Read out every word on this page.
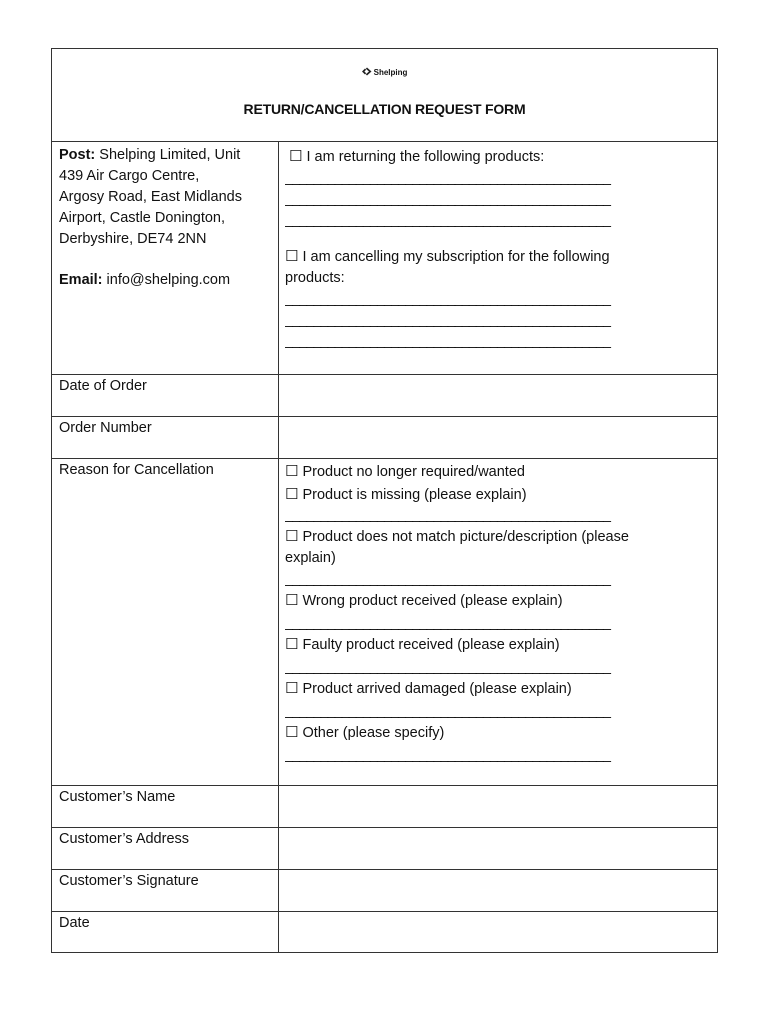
Shelping
RETURN/CANCELLATION REQUEST FORM
Post: Shelping Limited, Unit
439 Air Cargo Centre,
Argosy Road, East Midlands
Airport, Castle Donington,
Derbyshire, DE74 2NN
Email: info@shelping.com
☐ I am returning the following products:
______________________________________________
______________________________________________
______________________________________________
☐ I am cancelling my subscription for the following
products:
______________________________________________
______________________________________________
______________________________________________
Date of Order
Order Number
Reason for Cancellation	☐ Product no longer required/wanted
☐ Product is missing (please explain)
______________________________________________
☐ Product does not match picture/description (please
explain)
______________________________________________
☐ Wrong product received (please explain)
______________________________________________
☐ Faulty product received (please explain)
______________________________________________
☐ Product arrived damaged (please explain)
______________________________________________
☐ Other (please specify)
______________________________________________
Customer’s Name
Customer’s Address
Customer’s Signature
Date
